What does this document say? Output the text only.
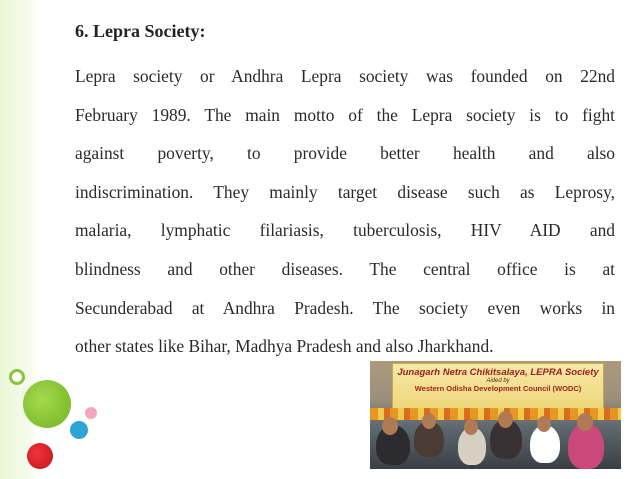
6. Lepra Society:
Lepra society or Andhra Lepra society was founded on 22nd
February 1989. The main motto of the Lepra society is to fight
against poverty, to provide better health and also
indiscrimination. They mainly target disease such as Leprosy,
malaria, lymphatic filariasis, tuberculosis, HIV AID and
blindness and other diseases. The central office is at
Secunderabad at Andhra Pradesh. The society even works in
other states like Bihar, Madhya Pradesh and also Jharkhand.
Junagarh Netra Chikitsalaya, LEPRA Society
Aided by
Western Odisha Development Council (WODC)
